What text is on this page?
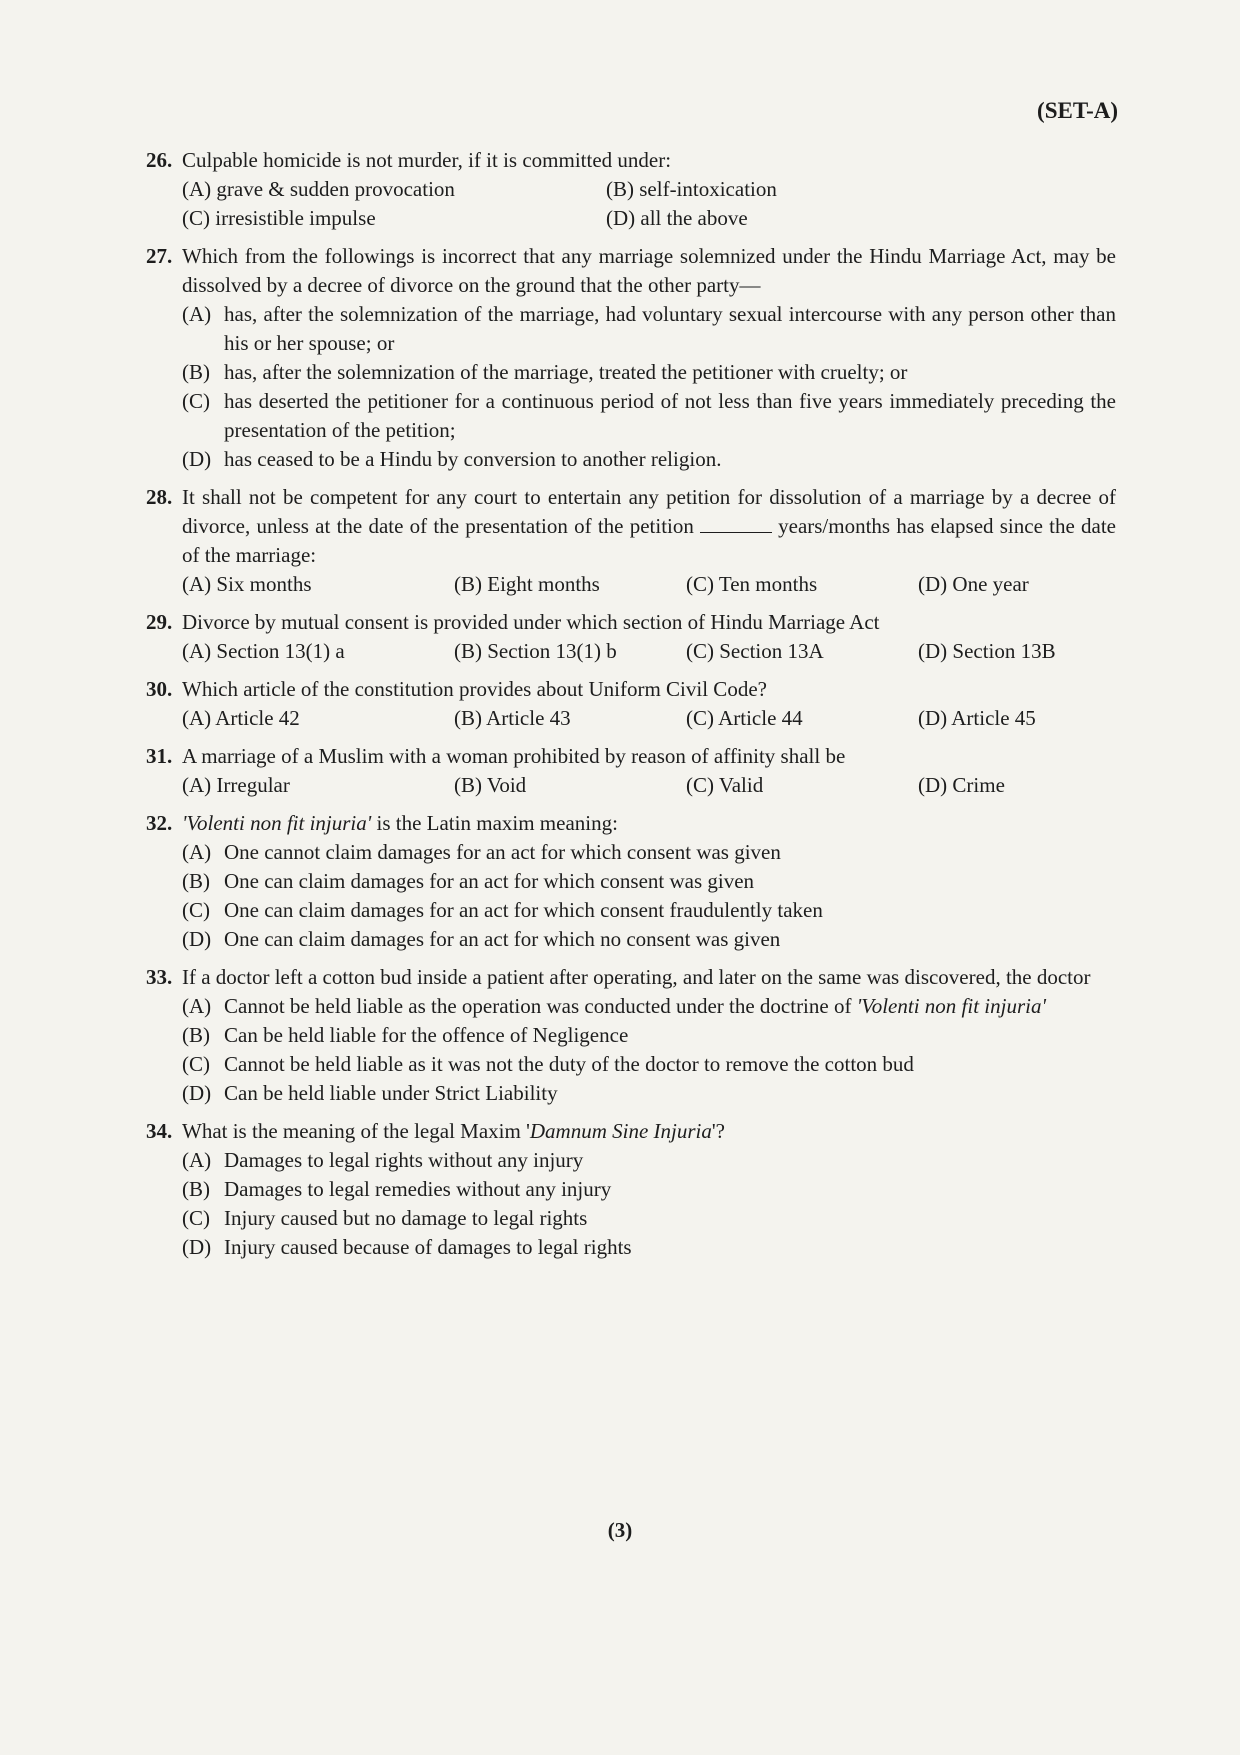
(SET-A)
26. Culpable homicide is not murder, if it is committed under:
(A) grave & sudden provocation	(B) self-intoxication
(C) irresistible impulse	(D) all the above
27. Which from the followings is incorrect that any marriage solemnized under the Hindu Marriage Act, may be dissolved by a decree of divorce on the ground that the other party—
(A) has, after the solemnization of the marriage, had voluntary sexual intercourse with any person other than his or her spouse; or
(B) has, after the solemnization of the marriage, treated the petitioner with cruelty; or
(C) has deserted the petitioner for a continuous period of not less than five years immediately preceding the presentation of the petition;
(D) has ceased to be a Hindu by conversion to another religion.
28. It shall not be competent for any court to entertain any petition for dissolution of a marriage by a decree of divorce, unless at the date of the presentation of the petition	years/months has elapsed since the date of the marriage:
(A) Six months	(B) Eight months	(C) Ten months	(D) One year
29. Divorce by mutual consent is provided under which section of Hindu Marriage Act
(A) Section 13(1) a	(B) Section 13(1) b	(C) Section 13A	(D) Section 13B
30. Which article of the constitution provides about Uniform Civil Code?
(A) Article 42	(B) Article 43	(C) Article 44	(D) Article 45
31. A marriage of a Muslim with a woman prohibited by reason of affinity shall be
(A) Irregular	(B) Void	(C) Valid	(D) Crime
32. 'Volenti non fit injuria' is the Latin maxim meaning:
(A) One cannot claim damages for an act for which consent was given
(B) One can claim damages for an act for which consent was given
(C) One can claim damages for an act for which consent fraudulently taken
(D) One can claim damages for an act for which no consent was given
33. If a doctor left a cotton bud inside a patient after operating, and later on the same was discovered, the doctor
(A) Cannot be held liable as the operation was conducted under the doctrine of 'Volenti non fit injuria'
(B) Can be held liable for the offence of Negligence
(C) Cannot be held liable as it was not the duty of the doctor to remove the cotton bud
(D) Can be held liable under Strict Liability
34. What is the meaning of the legal Maxim 'Damnum Sine Injuria'?
(A) Damages to legal rights without any injury
(B) Damages to legal remedies without any injury
(C) Injury caused but no damage to legal rights
(D) Injury caused because of damages to legal rights
(3)
